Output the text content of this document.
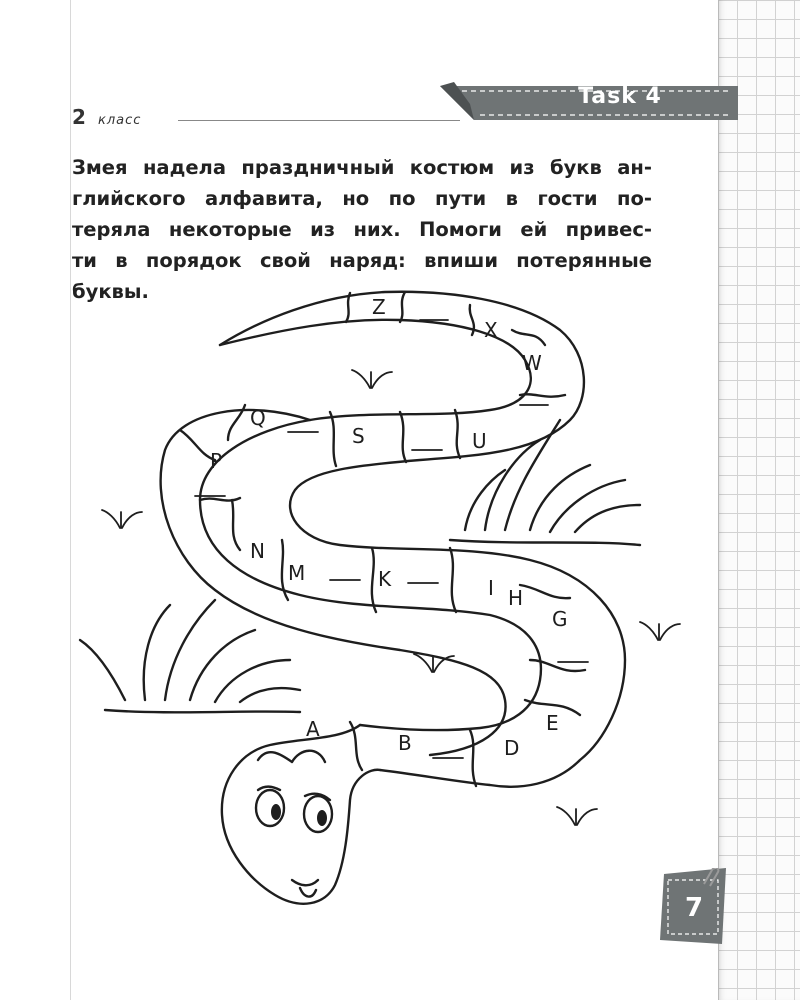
2 класс
Task 4

Змея надела праздничный костюм из букв ан-
глийского алфавита, но по пути в гости по-
теряла некоторые из них. Помоги ей привес-
ти в порядок свой наряд: впиши потерянные
буквы.

Z
X
W
S	U
Q
P
N
M	K	I H
G
E
D
B
A
7
